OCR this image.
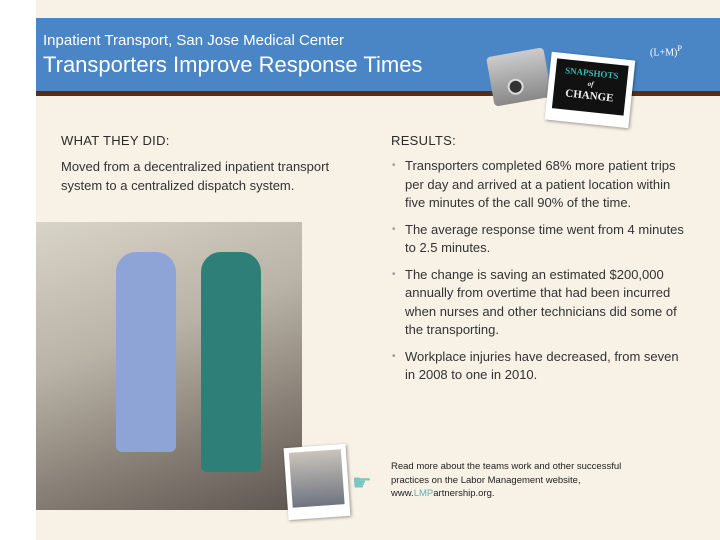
Inpatient Transport, San Jose Medical Center
Transporters Improve Response Times	SNAPSHOTS
of
CHANGE
$(L+M)^P$
WHAT THEY DID:
Moved from a decentralized inpatient transport system to a centralized dispatch system.
RESULTS:
• Transporters completed 68% more patient trips per day and arrived at a patient location within five minutes of the call 90% of the time.
• The average response time went from 4 minutes to 2.5 minutes.
• The change is saving an estimated $200,000 annually from overtime that had been incurred when nurses and other technicians did some of the transporting.
• Workplace injuries have decreased, from seven in 2008 to one in 2010.
☛
Read more about the teams work and other successful practices on the Labor Management website,
www.LMPartnership.org.
